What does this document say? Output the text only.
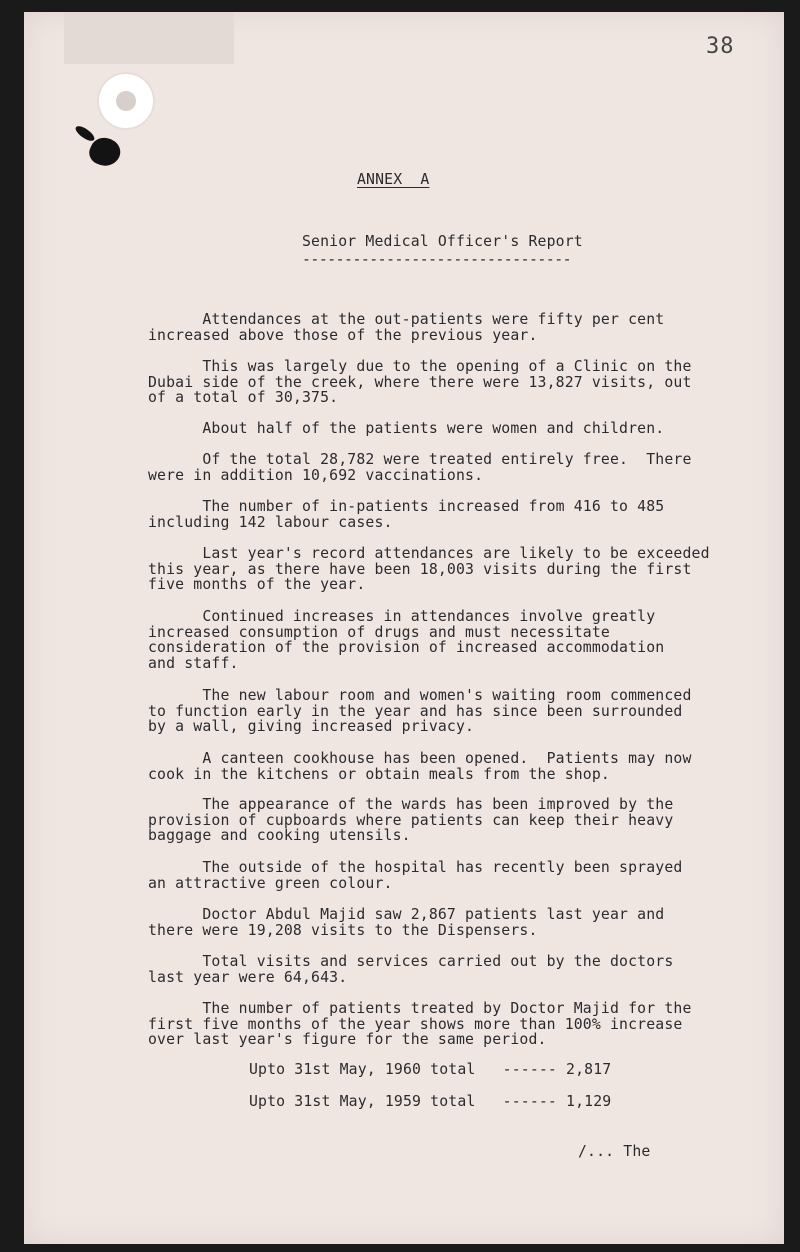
38
ANNEX  A
Senior Medical Officer's Report
--------------------------------
Attendances at the out-patients were fifty per cent
increased above those of the previous year.
This was largely due to the opening of a Clinic on the
Dubai side of the creek, where there were 13,827 visits, out
of a total of 30,375.
About half of the patients were women and children.
Of the total 28,782 were treated entirely free.  There
were in addition 10,692 vaccinations.
The number of in-patients increased from 416 to 485
including 142 labour cases.
Last year's record attendances are likely to be exceeded
this year, as there have been 18,003 visits during the first
five months of the year.
Continued increases in attendances involve greatly
increased consumption of drugs and must necessitate
consideration of the provision of increased accommodation
and staff.
The new labour room and women's waiting room commenced
to function early in the year and has since been surrounded
by a wall, giving increased privacy.
A canteen cookhouse has been opened.  Patients may now
cook in the kitchens or obtain meals from the shop.
The appearance of the wards has been improved by the
provision of cupboards where patients can keep their heavy
baggage and cooking utensils.
The outside of the hospital has recently been sprayed
an attractive green colour.
Doctor Abdul Majid saw 2,867 patients last year and
there were 19,208 visits to the Dispensers.
Total visits and services carried out by the doctors
last year were 64,643.
The number of patients treated by Doctor Majid for the
first five months of the year shows more than 100% increase
over last year's figure for the same period.
Upto 31st May, 1960 total   ------ 2,817
Upto 31st May, 1959 total   ------ 1,129
/... The
